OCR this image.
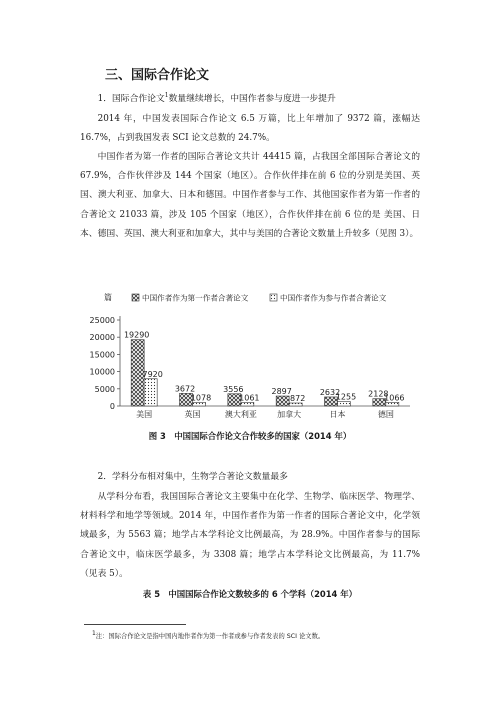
三、国际合作论文

1．国际合作论文$^1$数量继续增长，中国作者参与度进一步提升

2014 年，中国发表国际合作论文 6.5 万篇，比上年增加了 9372 篇，涨幅达 16.7%，占到我国发表 SCI 论文总数的 24.7%。

中国作者为第一作者的国际合著论文共计 44415 篇，占我国全部国际合著论文的 67.9%，合作伙伴涉及 144 个国家（地区）。合作伙伴排在前 6 位的分别是美国、英国、澳大利亚、加拿大、日本和德国。中国作者参与工作、其他国家作者为第一作者的合著论文 21033 篇，涉及 105 个国家（地区），合作伙伴排在前 6 位的是 美国、日本、德国、英国、澳大利亚和加拿大，其中与美国的合著论文数量上升较多（见图 3）。

0
5000
10000
15000
20000
25000
篇
19290
7920
美国
3672
1078
英国
3556
1061
澳大利亚
2897
872
加拿大
2632
1255
日本
2128
1066
德国
中国作者作为第一作者合著论文	中国作者作为参与作者合著论文
图 3　中国国际合作论文合作较多的国家（2014 年）

2．学科分布相对集中，生物学合著论文数量最多

从学科分布看，我国国际合著论文主要集中在化学、生物学、临床医学、物理学、材料科学和地学等领域。2014 年，中国作者作为第一作者的国际合著论文中，化学领域最多，为 5563 篇；地学占本学科论文比例最高，为 28.9%。中国作者参与的国际合著论文中，临床医学最多，为 3308 篇；地学占本学科论文比例最高，为 11.7%（见表 5）。

表 5　中国国际合作论文数较多的 6 个学科（2014 年）
$^1$注：国际合作论文是指中国内地作者作为第一作者或参与作者发表的 SCI 论文数。
